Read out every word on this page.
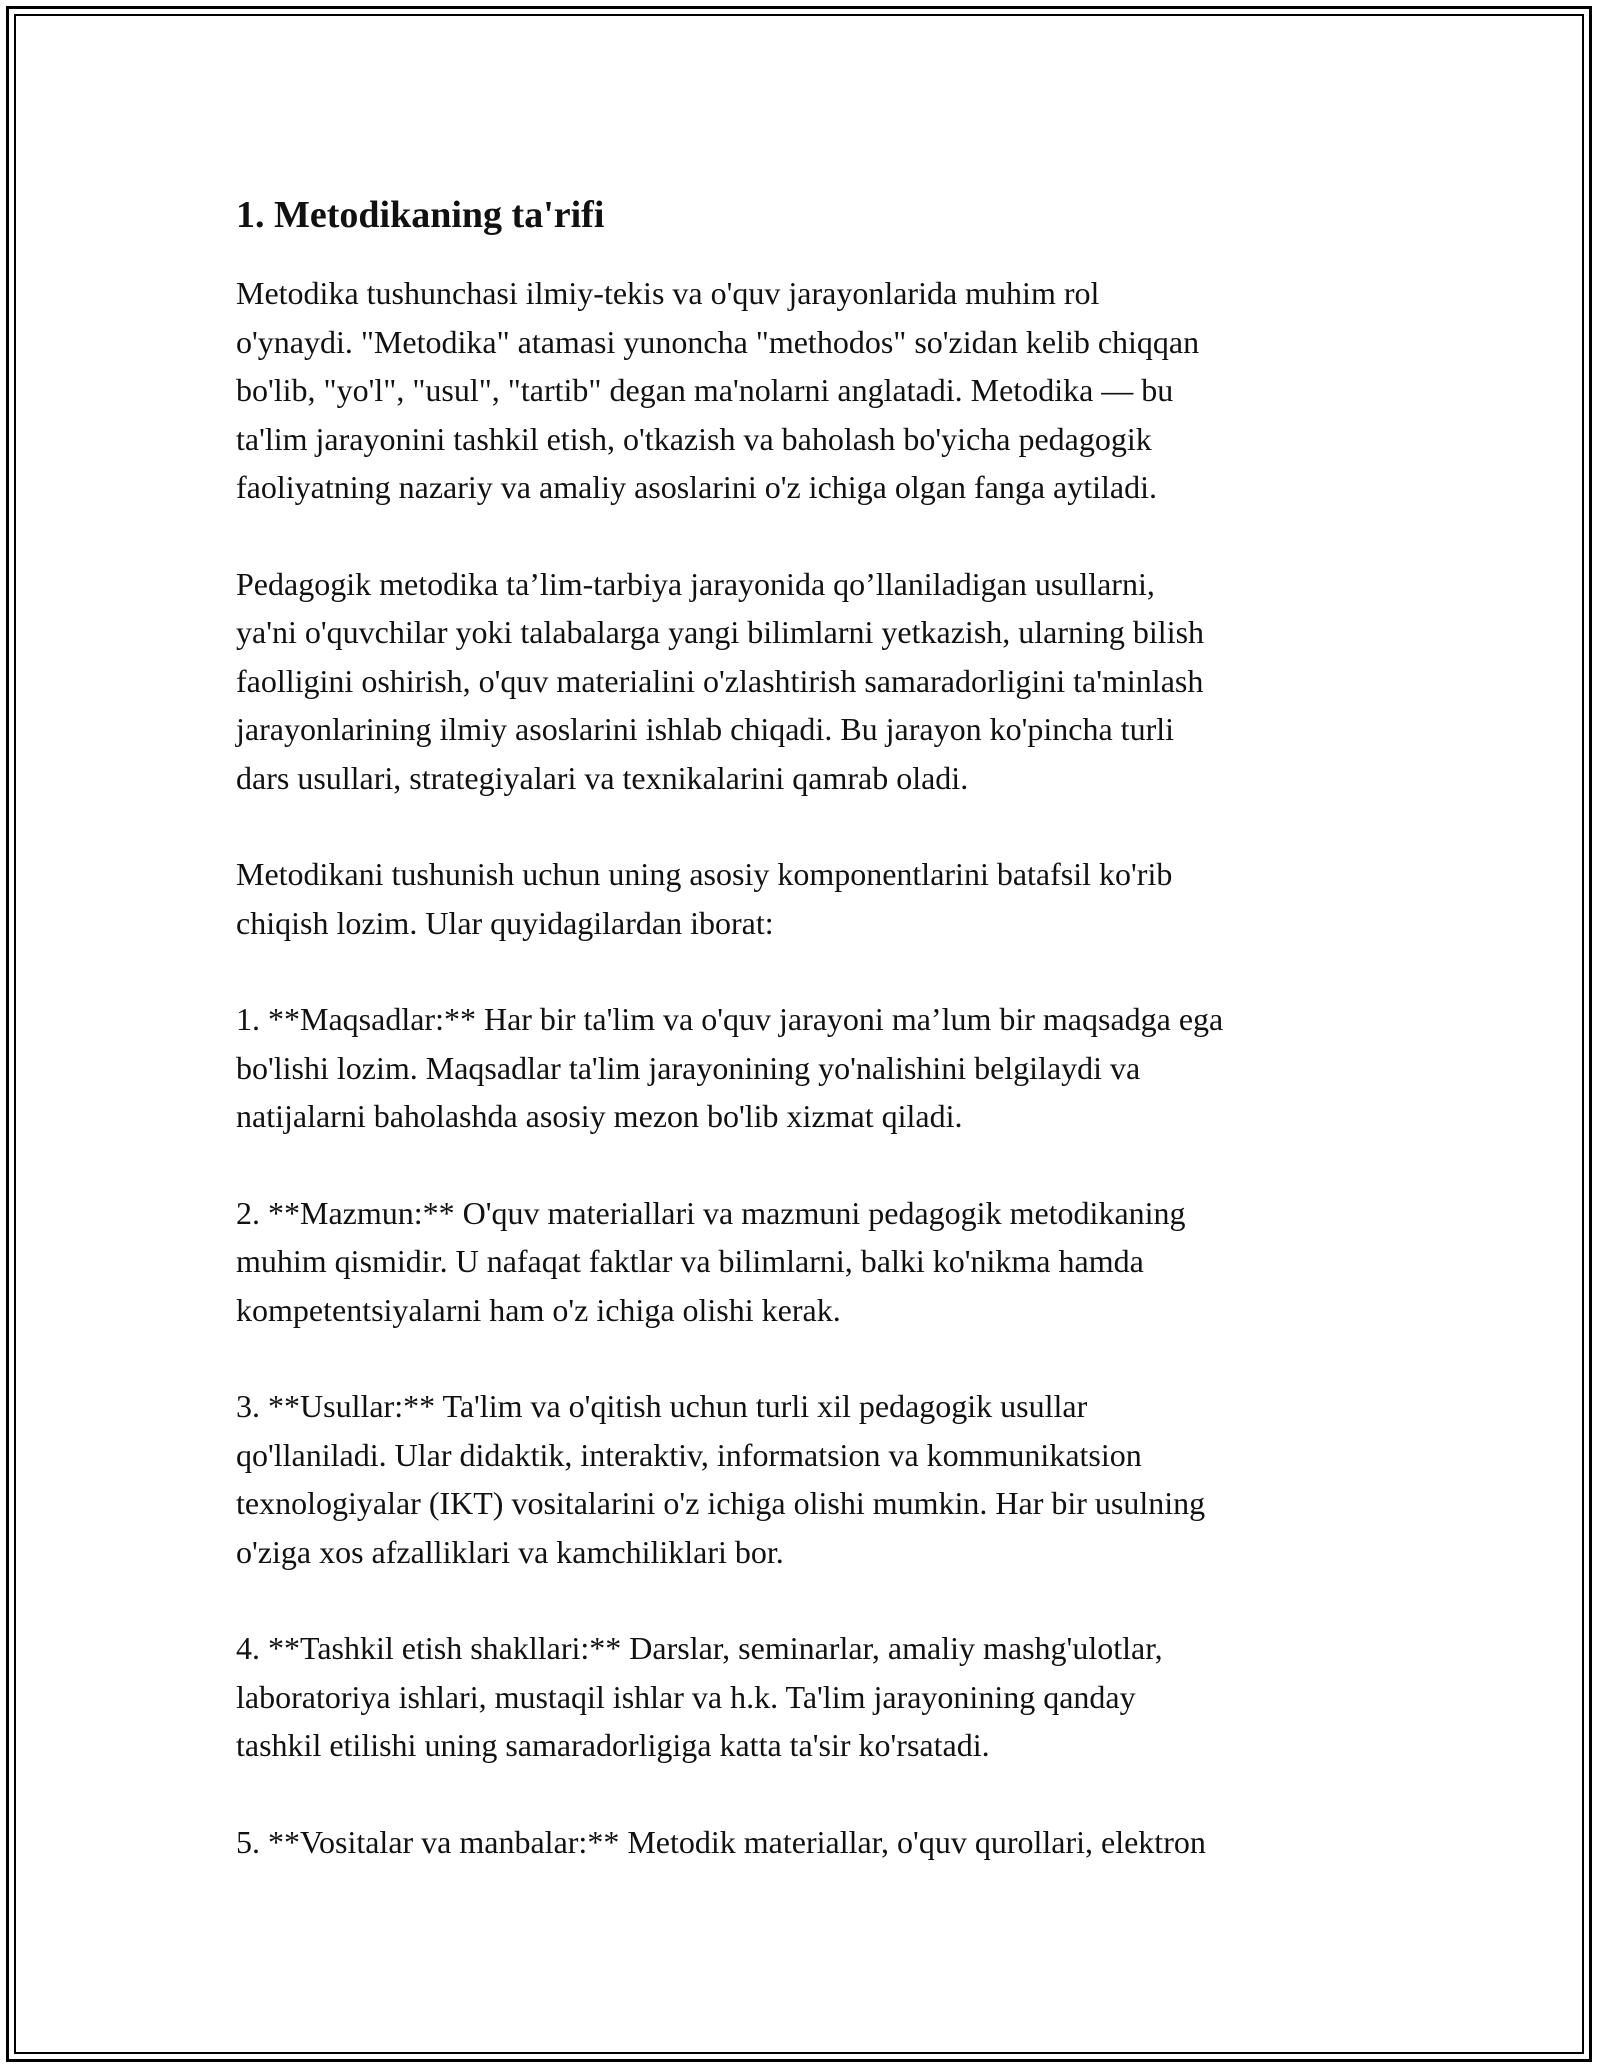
1. Metodikaning ta'rifi

Metodika tushunchasi ilmiy-tekis va o'quv jarayonlarida muhim rol
o'ynaydi. "Metodika" atamasi yunoncha "methodos" so'zidan kelib chiqqan
bo'lib, "yo'l", "usul", "tartib" degan ma'nolarni anglatadi. Metodika — bu
ta'lim jarayonini tashkil etish, o'tkazish va baholash bo'yicha pedagogik
faoliyatning nazariy va amaliy asoslarini o'z ichiga olgan fanga aytiladi.

Pedagogik metodika ta’lim-tarbiya jarayonida qo’llaniladigan usullarni,
ya'ni o'quvchilar yoki talabalarga yangi bilimlarni yetkazish, ularning bilish
faolligini oshirish, o'quv materialini o'zlashtirish samaradorligini ta'minlash
jarayonlarining ilmiy asoslarini ishlab chiqadi. Bu jarayon ko'pincha turli
dars usullari, strategiyalari va texnikalarini qamrab oladi.

Metodikani tushunish uchun uning asosiy komponentlarini batafsil ko'rib
chiqish lozim. Ular quyidagilardan iborat:

1. **Maqsadlar:** Har bir ta'lim va o'quv jarayoni ma’lum bir maqsadga ega
bo'lishi lozim. Maqsadlar ta'lim jarayonining yo'nalishini belgilaydi va
natijalarni baholashda asosiy mezon bo'lib xizmat qiladi.

2. **Mazmun:** O'quv materiallari va mazmuni pedagogik metodikaning
muhim qismidir. U nafaqat faktlar va bilimlarni, balki ko'nikma hamda
kompetentsiyalarni ham o'z ichiga olishi kerak.

3. **Usullar:** Ta'lim va o'qitish uchun turli xil pedagogik usullar
qo'llaniladi. Ular didaktik, interaktiv, informatsion va kommunikatsion
texnologiyalar (IKT) vositalarini o'z ichiga olishi mumkin. Har bir usulning
o'ziga xos afzalliklari va kamchiliklari bor.

4. **Tashkil etish shakllari:** Darslar, seminarlar, amaliy mashg'ulotlar,
laboratoriya ishlari, mustaqil ishlar va h.k. Ta'lim jarayonining qanday
tashkil etilishi uning samaradorligiga katta ta'sir ko'rsatadi.

5. **Vositalar va manbalar:** Metodik materiallar, o'quv qurollari, elektron
